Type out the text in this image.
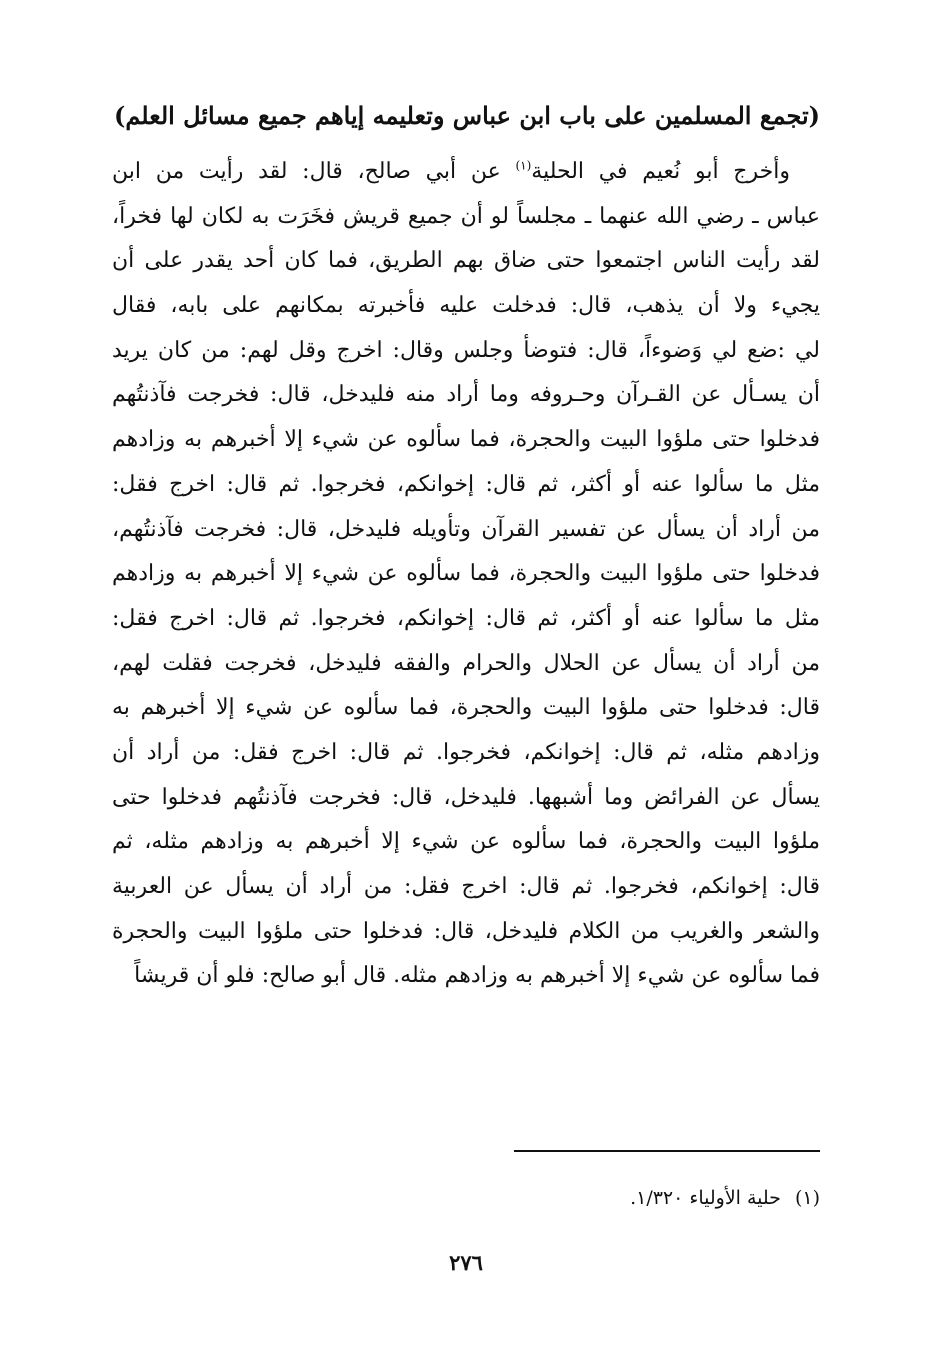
(تجمع المسلمين على باب ابن عباس وتعليمه إياهم جميع مسائل العلم)
وأخرج أبو نُعيم في الحلية$^{(١)}$ عن أبي صالح، قال: لقد رأيت من ابن
عباس ـ رضي الله عنهما ـ مجلساً لو أن جميع قريش فخَرَت به لكان لها فخراً،
لقد رأيت الناس اجتمعوا حتى ضاق بهم الطريق، فما كان أحد يقدر على أن
يجيء ولا أن يذهب، قال: فدخلت عليه فأخبرته بمكانهم على بابه، فقال
لي :ضع لي وَضوءاً، قال: فتوضأ وجلس وقال: اخرج وقل لهم: من كان يريد
أن يسـأل عن القـرآن وحـروفه وما أراد منه فليدخل، قال: فخرجت فآذنتُهم
فدخلوا حتى ملؤوا البيت والحجرة، فما سألوه عن شيء إلا أخبرهم به وزادهم
مثل ما سألوا عنه أو أكثر، ثم قال: إخوانكم، فخرجوا. ثم قال: اخرج فقل:
من أراد أن يسأل عن تفسير القرآن وتأويله فليدخل، قال: فخرجت فآذنتُهم،
فدخلوا حتى ملؤوا البيت والحجرة، فما سألوه عن شيء إلا أخبرهم به وزادهم
مثل ما سألوا عنه أو أكثر، ثم قال: إخوانكم، فخرجوا. ثم قال: اخرج فقل:
من أراد أن يسأل عن الحلال والحرام والفقه فليدخل، فخرجت فقلت لهم،
قال: فدخلوا حتى ملؤوا البيت والحجرة، فما سألوه عن شيء إلا أخبرهم به
وزادهم مثله، ثم قال: إخوانكم، فخرجوا. ثم قال: اخرج فقل: من أراد أن
يسأل عن الفرائض وما أشبهها. فليدخل، قال: فخرجت فآذنتُهم فدخلوا حتى
ملؤوا البيت والحجرة، فما سألوه عن شيء إلا أخبرهم به وزادهم مثله، ثم
قال: إخوانكم، فخرجوا. ثم قال: اخرج فقل: من أراد أن يسأل عن العربية
والشعر والغريب من الكلام فليدخل، قال: فدخلوا حتى ملؤوا البيت والحجرة
فما سألوه عن شيء إلا أخبرهم به وزادهم مثله. قال أبو صالح: فلو أن قريشاً
(١)حلية الأولياء ١/٣٢٠.
٢٧٦
